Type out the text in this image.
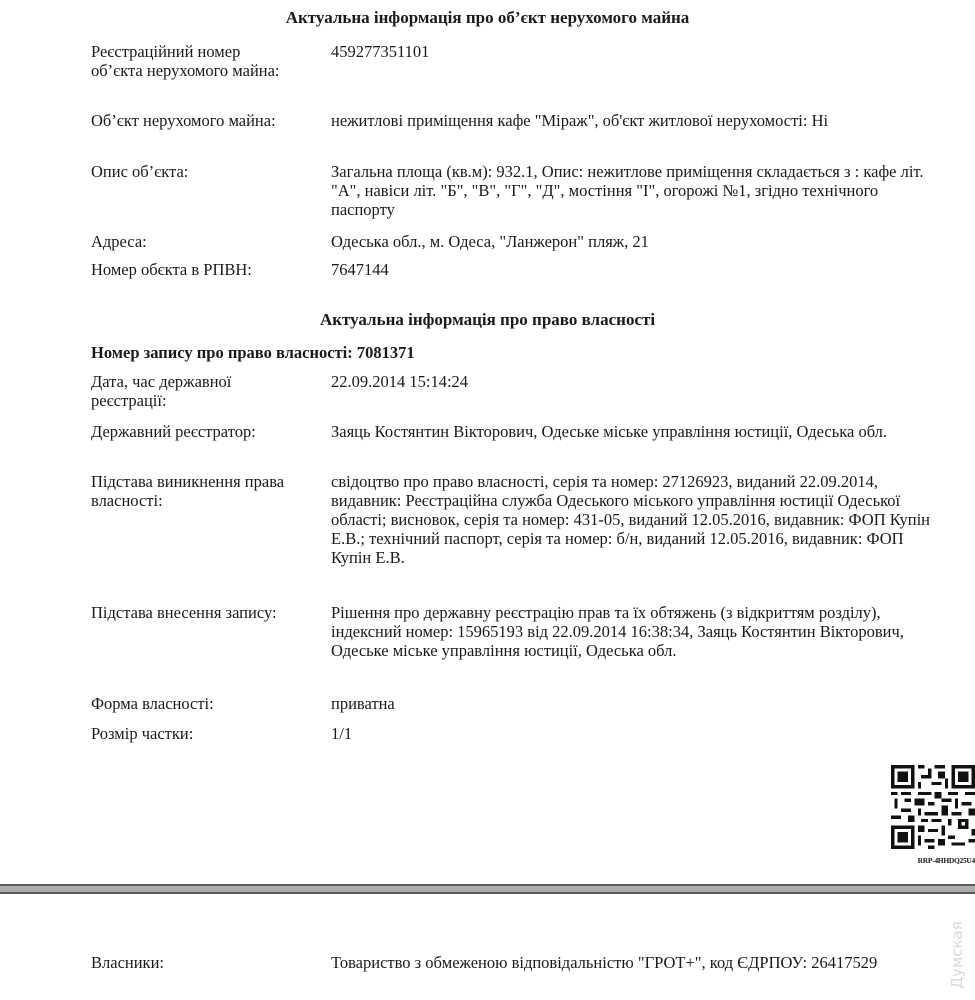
Актуальна інформація про об’єкт нерухомого майна
Реєстраційний номер об’єкта нерухомого майна:
459277351101
Об’єкт нерухомого майна:	нежитлові приміщення кафе "Міраж", об'єкт житлової нерухомості: Ні
Опис об’єкта:	Загальна площа (кв.м): 932.1, Опис: нежитлове приміщення складається з : кафе літ. "А", навіси літ. "Б", "В", "Г", "Д", мостіння "І", огорожі №1, згідно технічного паспорту
Адреса:	Одеська обл., м. Одеса, "Ланжерон" пляж, 21
Номер обєкта в РПВН:	7647144
Актуальна інформація про право власності
Номер запису про право власності: 7081371
Дата, час державної реєстрації:
22.09.2014 15:14:24
Державний реєстратор:	Заяць Костянтин Вікторович, Одеське міське управління юстиції, Одеська обл.
Підстава виникнення права власності:
свідоцтво про право власності, серія та номер: 27126923, виданий 22.09.2014, видавник: Реєстраційна служба Одеського міського управління юстиції Одеської області; висновок, серія та номер: 431-05, виданий 12.05.2016, видавник: ФОП Купін Е.В.; технічний паспорт, серія та номер: б/н, виданий 12.05.2016, видавник: ФОП Купін Е.В.
Підстава внесення запису:	Рішення про державну реєстрацію прав та їх обтяжень (з відкриттям розділу), індексний номер: 15965193 від 22.09.2014 16:38:34, Заяць Костянтин Вікторович, Одеське міське управління юстиції, Одеська обл.
Форма власності:	приватна
Розмір частки:	1/1
RRP-4HHDQ25U4
Власники:	Товариство з обмеженою відповідальністю "ГРОТ+", код ЄДРПОУ: 26417529	Думская
